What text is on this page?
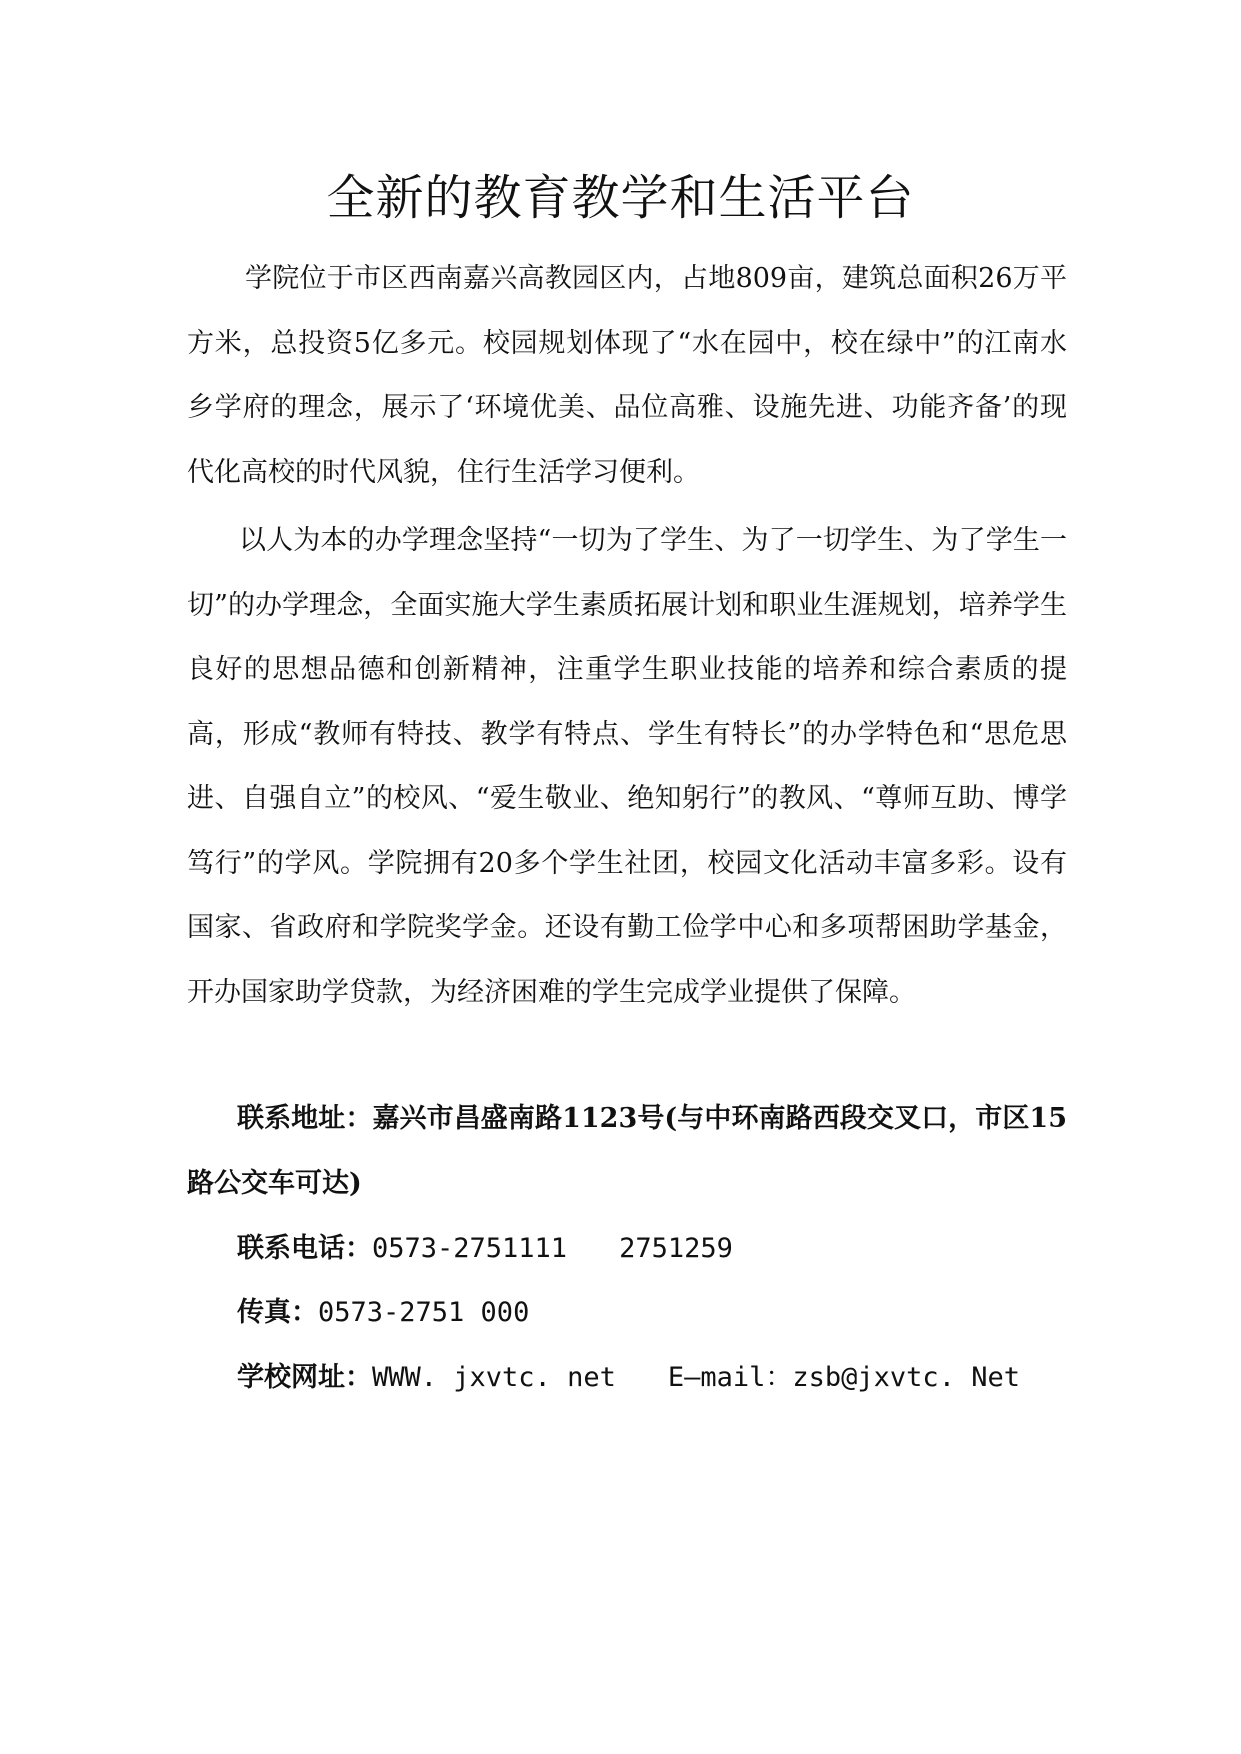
全新的教育教学和生活平台

学院位于市区西南嘉兴高教园区内，占地809亩，建筑总面积26万平方米，总投资5亿多元。校园规划体现了“水在园中，校在绿中”的江南水乡学府的理念，展示了‘环境优美、品位高雅、设施先进、功能齐备’的现代化高校的时代风貌，住行生活学习便利。

以人为本的办学理念坚持“一切为了学生、为了一切学生、为了学生一切”的办学理念，全面实施大学生素质拓展计划和职业生涯规划，培养学生良好的思想品德和创新精神，注重学生职业技能的培养和综合素质的提高，形成“教师有特技、教学有特点、学生有特长”的办学特色和“思危思进、自强自立”的校风、“爱生敬业、绝知躬行”的教风、“尊师互助、博学笃行”的学风。学院拥有20多个学生社团，校园文化活动丰富多彩。设有国家、省政府和学院奖学金。还设有勤工俭学中心和多项帮困助学基金，开办国家助学贷款，为经济困难的学生完成学业提供了保障。

联系地址：嘉兴市昌盛南路1123号(与中环南路西段交叉口，市区15路公交车可达)

联系电话：0573-2751111 2751259

传真：0573-2751 000

学校网址：WWW. jxvtc. net E—mail：zsb@jxvtc. Net
